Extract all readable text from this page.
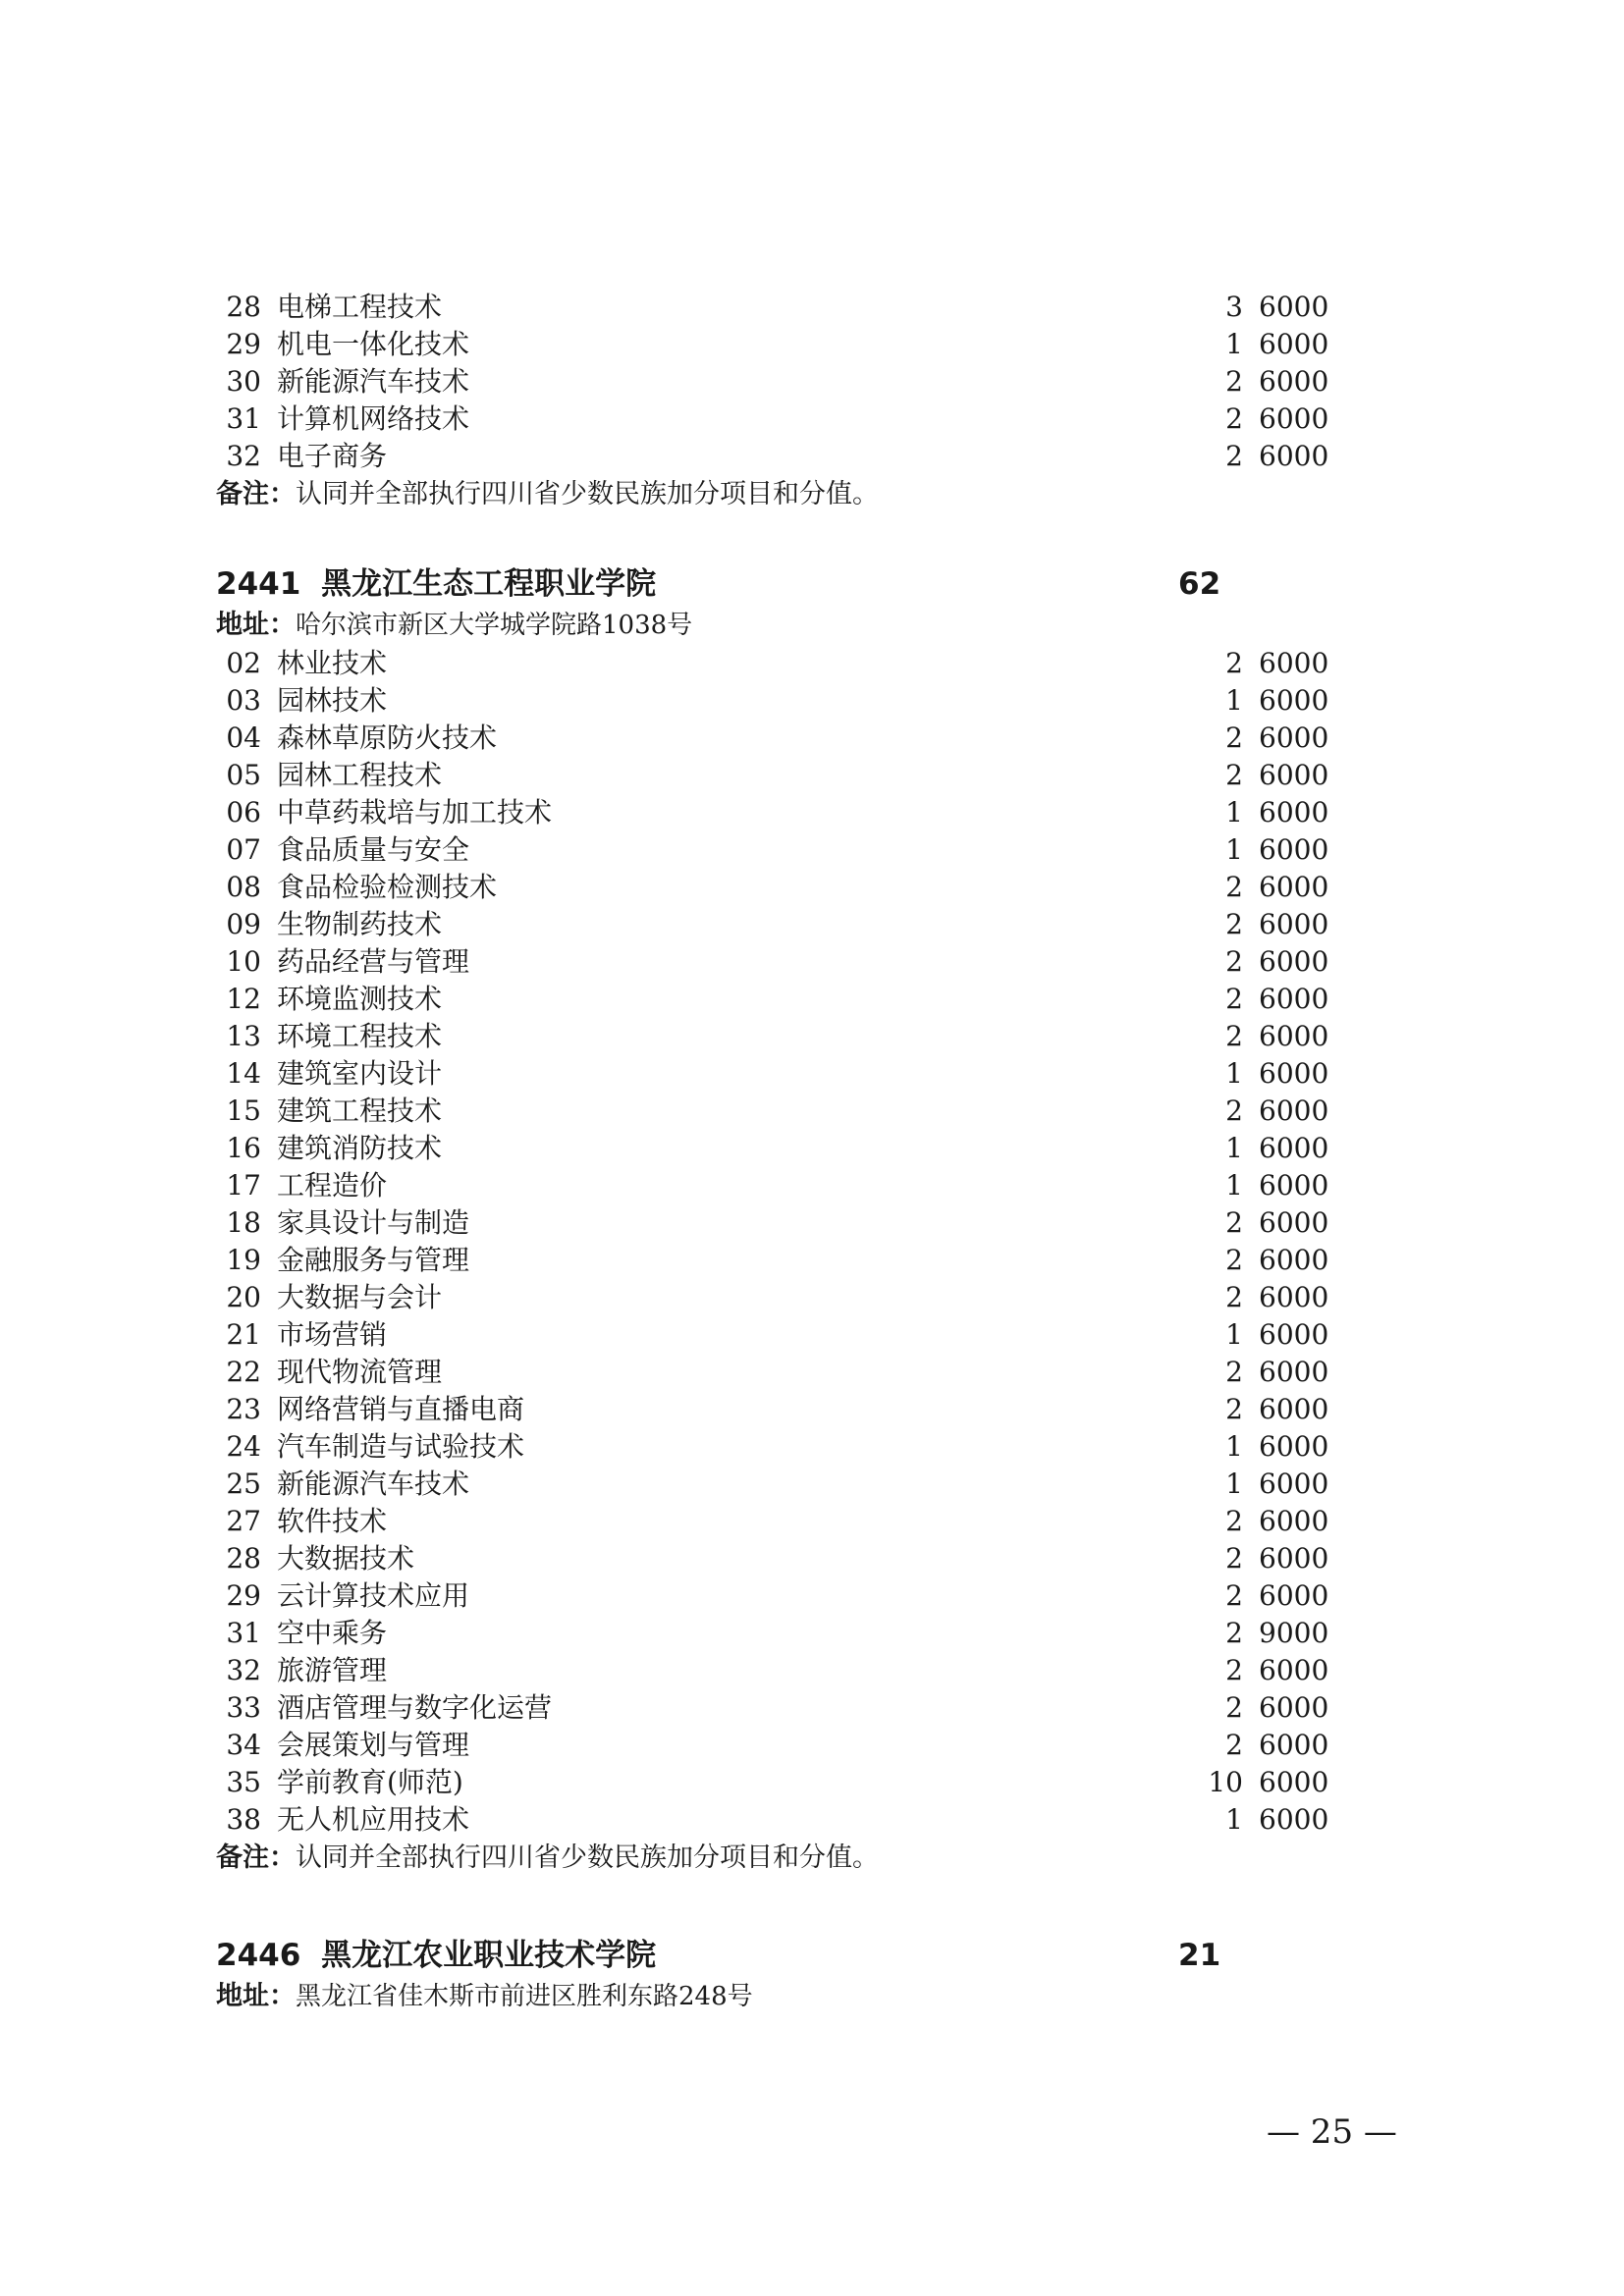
28 电梯工程技术	3 6000
29 机电一体化技术	1 6000
30 新能源汽车技术	2 6000
31 计算机网络技术	2 6000
32 电子商务	2 6000
备注：认同并全部执行四川省少数民族加分项目和分值。
2441 黑龙江生态工程职业学院	62
地址：哈尔滨市新区大学城学院路1038号
02 林业技术	2 6000
03 园林技术	1 6000
04 森林草原防火技术	2 6000
05 园林工程技术	2 6000
06 中草药栽培与加工技术	1 6000
07 食品质量与安全	1 6000
08 食品检验检测技术	2 6000
09 生物制药技术	2 6000
10 药品经营与管理	2 6000
12 环境监测技术	2 6000
13 环境工程技术	2 6000
14 建筑室内设计	1 6000
15 建筑工程技术	2 6000
16 建筑消防技术	1 6000
17 工程造价	1 6000
18 家具设计与制造	2 6000
19 金融服务与管理	2 6000
20 大数据与会计	2 6000
21 市场营销	1 6000
22 现代物流管理	2 6000
23 网络营销与直播电商	2 6000
24 汽车制造与试验技术	1 6000
25 新能源汽车技术	1 6000
27 软件技术	2 6000
28 大数据技术	2 6000
29 云计算技术应用	2 6000
31 空中乘务	2 9000
32 旅游管理	2 6000
33 酒店管理与数字化运营	2 6000
34 会展策划与管理	2 6000
35 学前教育(师范)	10 6000
38 无人机应用技术	1 6000
备注：认同并全部执行四川省少数民族加分项目和分值。
2446 黑龙江农业职业技术学院	21
地址：黑龙江省佳木斯市前进区胜利东路248号
— 25 —
